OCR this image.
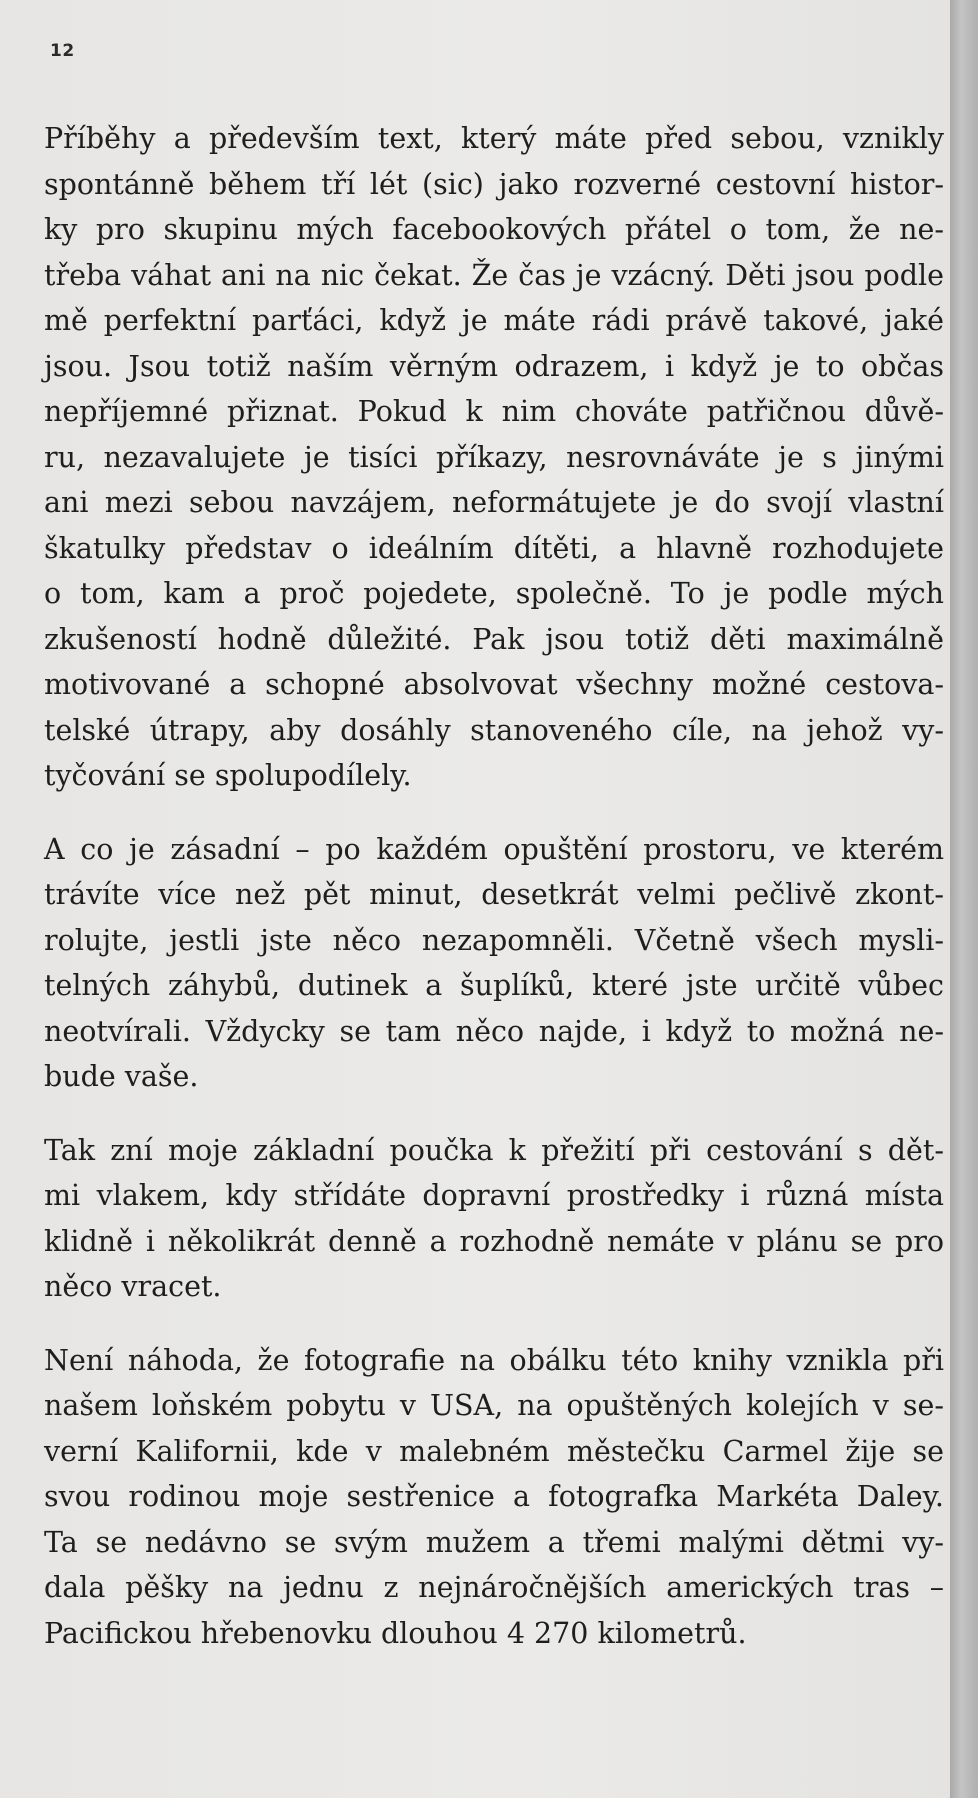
12
Příběhy a především text, který máte před sebou, vznikly
spontánně během tří lét (sic) jako rozverné cestovní histor-
ky pro skupinu mých facebookových přátel o tom, že ne-
třeba váhat ani na nic čekat. Že čas je vzácný. Děti jsou podle
mě perfektní parťáci, když je máte rádi právě takové, jaké
jsou. Jsou totiž naším věrným odrazem, i když je to občas
nepříjemné přiznat. Pokud k nim chováte patřičnou důvě-
ru, nezavalujete je tisíci příkazy, nesrovnáváte je s jinými
ani mezi sebou navzájem, neformátujete je do svojí vlastní
škatulky představ o ideálním dítěti, a hlavně rozhodujete
o tom, kam a proč pojedete, společně. To je podle mých
zkušeností hodně důležité. Pak jsou totiž děti maximálně
motivované a schopné absolvovat všechny možné cestova-
telské útrapy, aby dosáhly stanoveného cíle, na jehož vy-
tyčování se spolupodílely.
A co je zásadní – po každém opuštění prostoru, ve kterém
trávíte více než pět minut, desetkrát velmi pečlivě zkont-
rolujte, jestli jste něco nezapomněli. Včetně všech mysli-
telných záhybů, dutinek a šuplíků, které jste určitě vůbec
neotvírali. Vždycky se tam něco najde, i když to možná ne-
bude vaše.
Tak zní moje základní poučka k přežití při cestování s dět-
mi vlakem, kdy střídáte dopravní prostředky i různá místa
klidně i několikrát denně a rozhodně nemáte v plánu se pro
něco vracet.
Není náhoda, že fotografie na obálku této knihy vznikla při
našem loňském pobytu v USA, na opuštěných kolejích v se-
verní Kalifornii, kde v malebném městečku Carmel žije se
svou rodinou moje sestřenice a fotografka Markéta Daley.
Ta se nedávno se svým mužem a třemi malými dětmi vy-
dala pěšky na jednu z nejnáročnějších amerických tras –
Pacifickou hřebenovku dlouhou 4 270 kilometrů.
